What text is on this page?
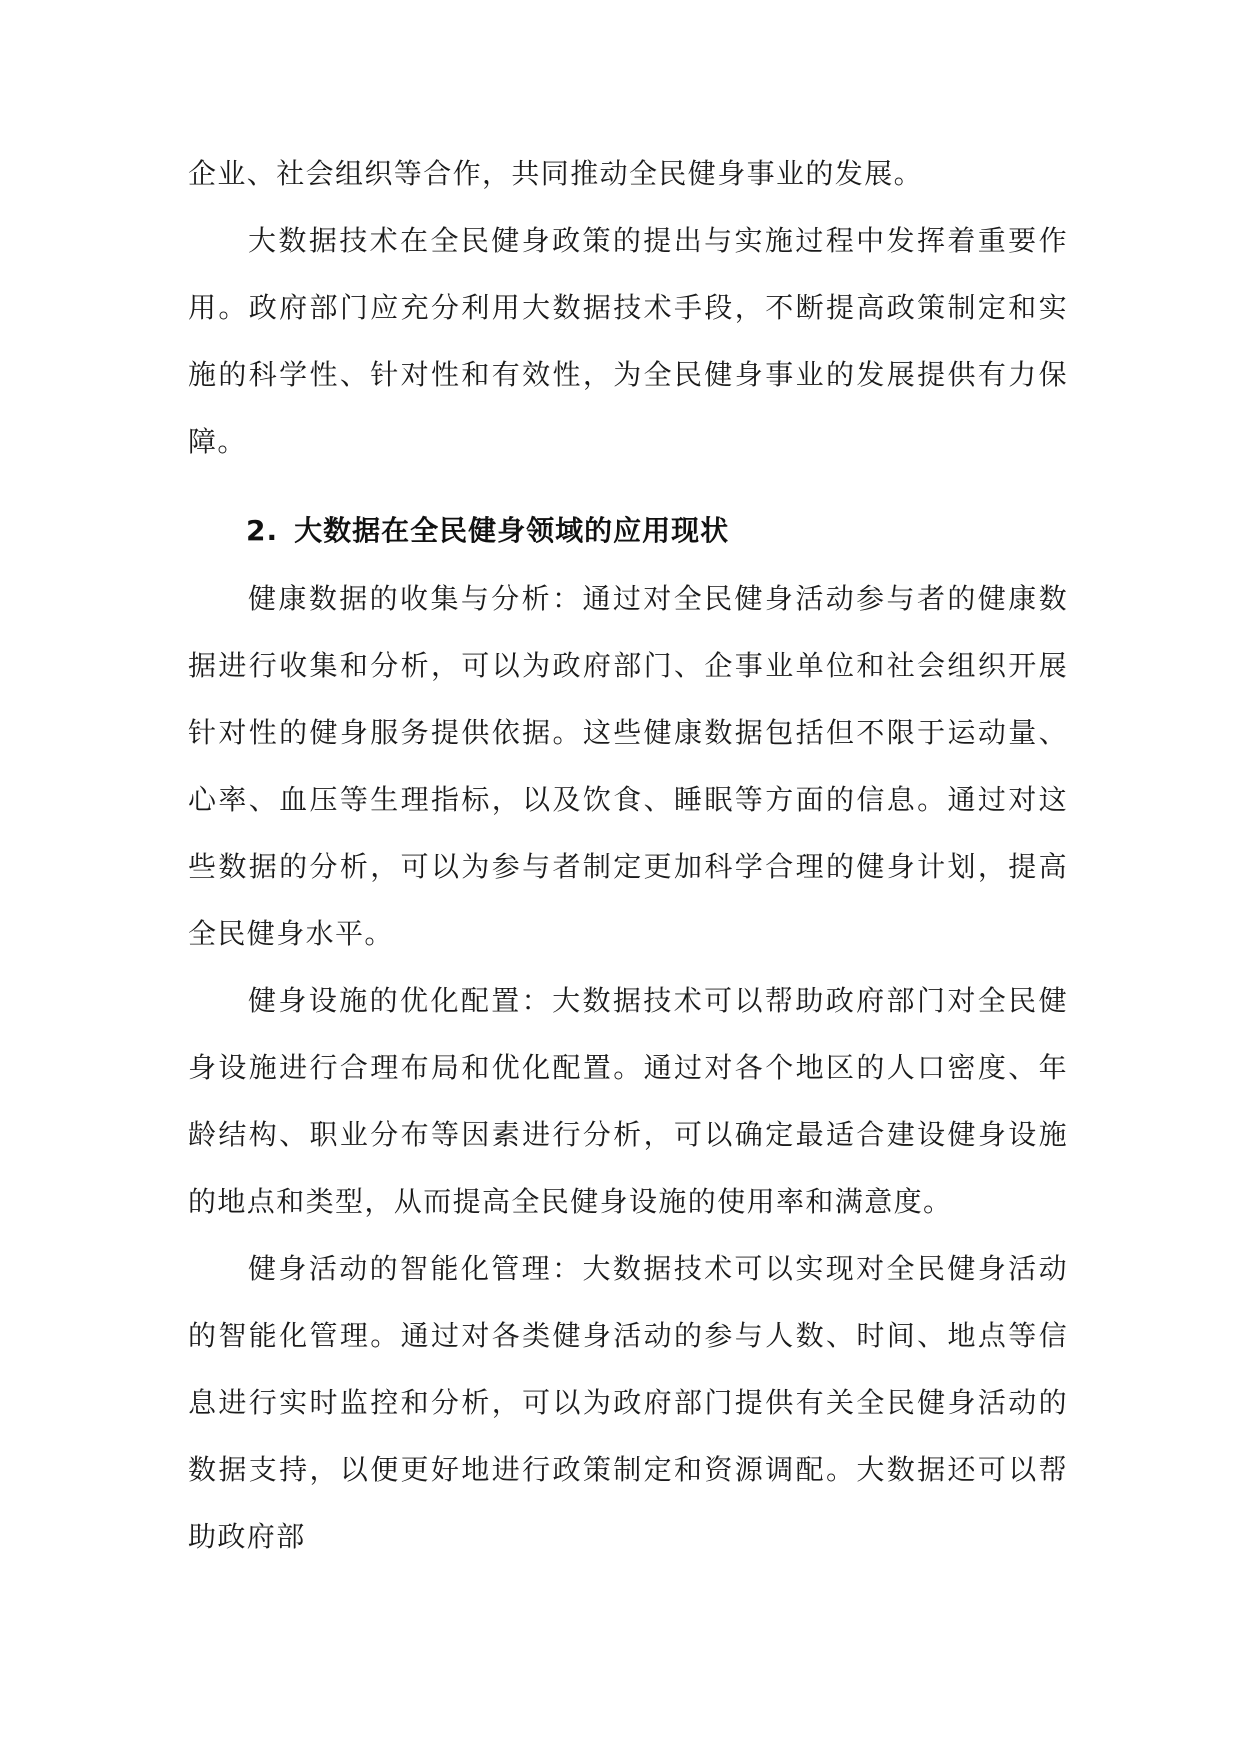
企业、社会组织等合作，共同推动全民健身事业的发展。

大数据技术在全民健身政策的提出与实施过程中发挥着重要作用。政府部门应充分利用大数据技术手段，不断提高政策制定和实施的科学性、针对性和有效性，为全民健身事业的发展提供有力保障。

2. 大数据在全民健身领域的应用现状

健康数据的收集与分析：通过对全民健身活动参与者的健康数据进行收集和分析，可以为政府部门、企事业单位和社会组织开展针对性的健身服务提供依据。这些健康数据包括但不限于运动量、心率、血压等生理指标，以及饮食、睡眠等方面的信息。通过对这些数据的分析，可以为参与者制定更加科学合理的健身计划，提高全民健身水平。

健身设施的优化配置：大数据技术可以帮助政府部门对全民健身设施进行合理布局和优化配置。通过对各个地区的人口密度、年龄结构、职业分布等因素进行分析，可以确定最适合建设健身设施的地点和类型，从而提高全民健身设施的使用率和满意度。

健身活动的智能化管理：大数据技术可以实现对全民健身活动的智能化管理。通过对各类健身活动的参与人数、时间、地点等信息进行实时监控和分析，可以为政府部门提供有关全民健身活动的数据支持，以便更好地进行政策制定和资源调配。大数据还可以帮助政府部
